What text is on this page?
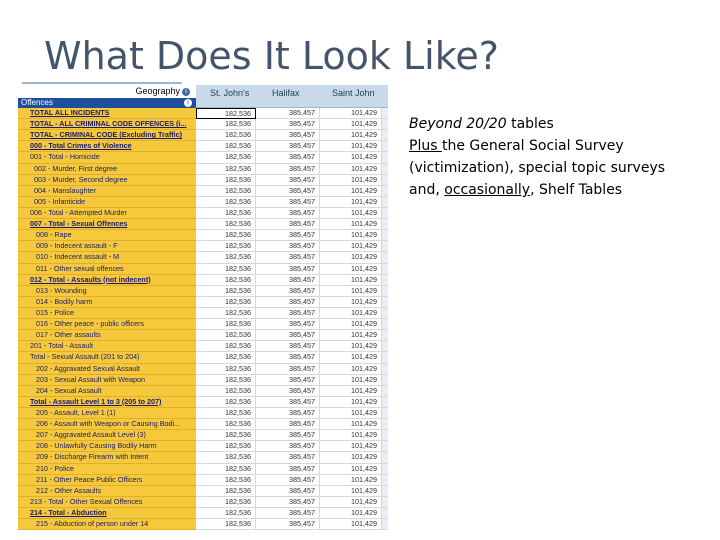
What Does It Look Like?
Geography i	St. John's	Halifax	Saint John
Offences	i
TOTAL ALL INCIDENTS	182,536	385,457	101,429
TOTAL - ALL CRIMINAL CODE OFFENCES (i...	182,536	385,457	101,429
TOTAL - CRIMINAL CODE (Excluding Traffic)	182,536	385,457	101,429
000 - Total Crimes of Violence	182,536	385,457	101,429
001 - Total - Homicide	182,536	385,457	101,429
002 - Murder, First degree	182,536	385,457	101,429
003 - Murder, Second degree	182,536	385,457	101,429
004 - Manslaughter	182,536	385,457	101,429
005 - Infanticide	182,536	385,457	101,429
006 - Total - Attempted Murder	182,536	385,457	101,429
007 - Total - Sexual Offences	182,536	385,457	101,429
008 - Rape	182,536	385,457	101,429
009 - Indecent assault - F	182,536	385,457	101,429
010 - Indecent assault - M	182,536	385,457	101,429
011 - Other sexual offences	182,536	385,457	101,429
012 - Total - Assaults (not indecent)	182,536	385,457	101,429
013 - Wounding	182,536	385,457	101,429
014 - Bodily harm	182,536	385,457	101,429
015 - Police	182,536	385,457	101,429
016 - Other peace - public officers	182,536	385,457	101,429
017 - Other assaults	182,536	385,457	101,429
201 - Total - Assault	182,536	385,457	101,429
Total - Sexual Assault (201 to 204)	182,536	385,457	101,429
202 - Aggravated Sexual Assault	182,536	385,457	101,429
203 - Sexual Assault with Weapon	182,536	385,457	101,429
204 - Sexual Assault	182,536	385,457	101,429
Total - Assault Level 1 to 3 (205 to 207)	182,536	385,457	101,429
205 - Assault, Level 1 (1)	182,536	385,457	101,429
206 - Assault with Weapon or Causing Bodi...	182,536	385,457	101,429
207 - Aggravated Assault Level (3)	182,536	385,457	101,429
208 - Unlawfully Causing Bodily Harm	182,536	385,457	101,429
209 - Discharge Firearm with Intent	182,536	385,457	101,429
210 - Police	182,536	385,457	101,429
211 - Other Peace Public Officers	182,536	385,457	101,429
212 - Other Assaults	182,536	385,457	101,429
213 - Total - Other Sexual Offences	182,536	385,457	101,429
214 - Total - Abduction	182,536	385,457	101,429
215 - Abduction of person under 14	182,536	385,457	101,429
Beyond 20/20 tables
Plus the General Social Survey (victimization), special topic surveys and, occasionally, Shelf Tables
